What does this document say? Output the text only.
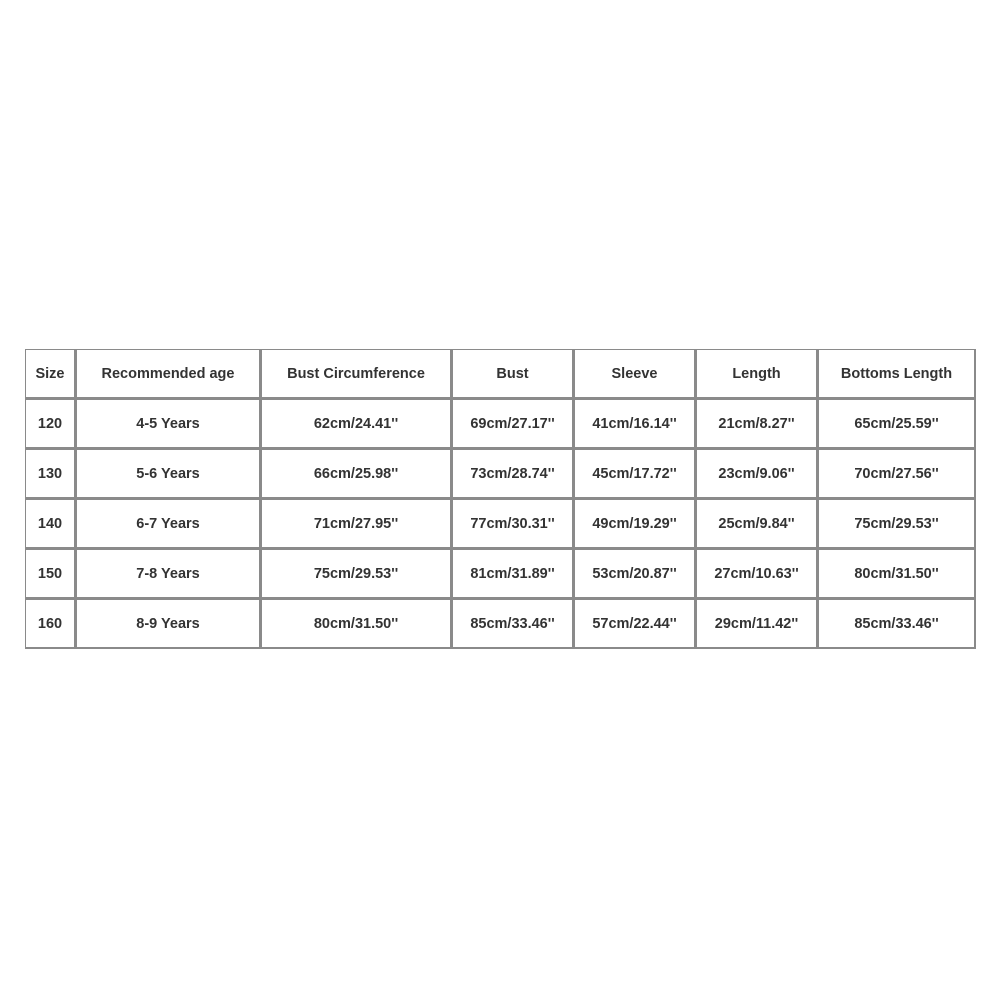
Size	Recommended age	Bust Circumference	Bust	Sleeve	Length	Bottoms Length
120	4-5 Years	62cm/24.41''	69cm/27.17''	41cm/16.14''	21cm/8.27''	65cm/25.59''
130	5-6 Years	66cm/25.98''	73cm/28.74''	45cm/17.72''	23cm/9.06''	70cm/27.56''
140	6-7 Years	71cm/27.95''	77cm/30.31''	49cm/19.29''	25cm/9.84''	75cm/29.53''
150	7-8 Years	75cm/29.53''	81cm/31.89''	53cm/20.87''	27cm/10.63''	80cm/31.50''
160	8-9 Years	80cm/31.50''	85cm/33.46''	57cm/22.44''	29cm/11.42''	85cm/33.46''
